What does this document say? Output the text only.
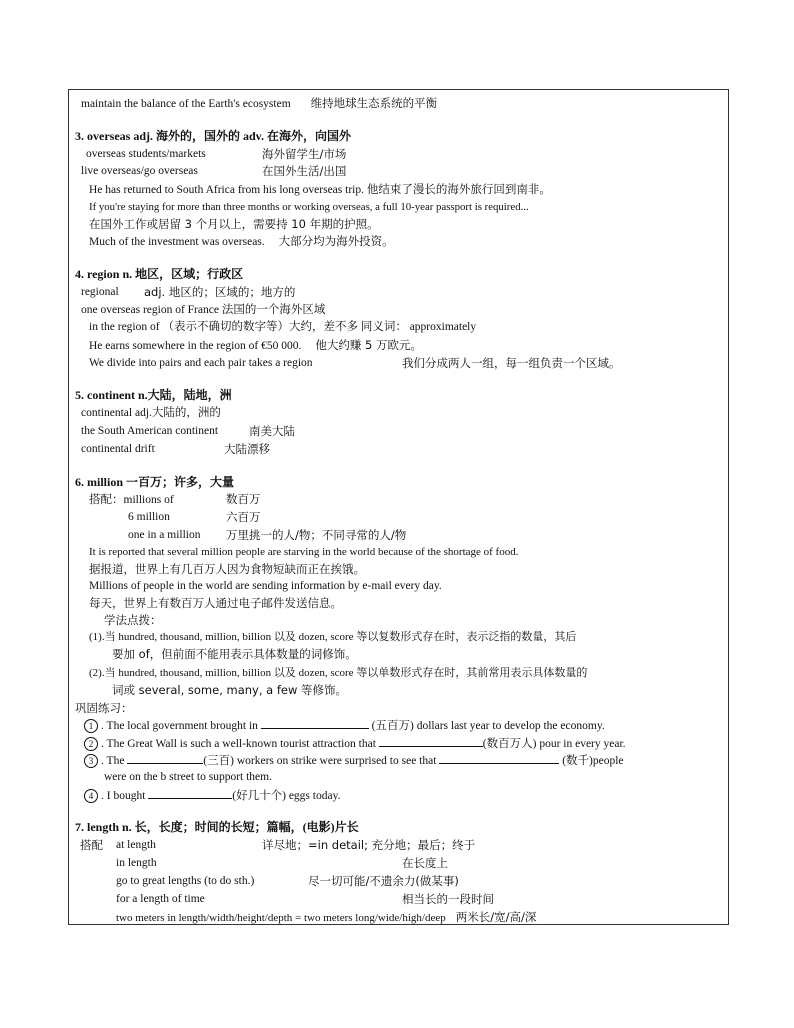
maintain the balance of the Earth's ecosystem 维持地球生态系统的平衡
3. overseas adj. 海外的，国外的 adv. 在海外，向国外
overseas students/markets	海外留学生/市场
live overseas/go overseas	在国外生活/出国
He has returned to South Africa from his long overseas trip. 他结束了漫长的海外旅行回到南非。
If you're staying for more than three months or working overseas, a full 10-year passport is required...
在国外工作或居留 3 个月以上，需要持 10 年期的护照。
Much of the investment was overseas. 大部分均为海外投资。
4. region n. 地区，区域；行政区
regional adj. 地区的；区域的；地方的
one overseas region of France 法国的一个海外区域
in the region of （表示不确切的数字等）大约，差不多 同义词： approximately
He earns somewhere in the region of €50 000. 他大约赚 5 万欧元。
We divide into pairs and each pair takes a region	我们分成两人一组，每一组负责一个区域。
5. continent n.大陆，陆地，洲
continental adj.大陆的，洲的
the South American continent	南美大陆
continental drift	大陆漂移
6. million 一百万；许多，大量
搭配：millions of	数百万
6 million	六百万
one in a million 万里挑一的人/物；不同寻常的人/物
It is reported that several million people are starving in the world because of the shortage of food.
据报道，世界上有几百万人因为食物短缺而正在挨饿。
Millions of people in the world are sending information by e-mail every day.
每天，世界上有数百万人通过电子邮件发送信息。
学法点拨：
(1).当 hundred, thousand, million, billion 以及 dozen, score 等以复数形式存在时，表示泛指的数量，其后
要加 of，但前面不能用表示具体数量的词修饰。
(2).当 hundred, thousand, million, billion 以及 dozen, score 等以单数形式存在时，其前常用表示具体数量的
词或 several, some, many, a few 等修饰。
巩固练习：
1 . The local government brought in	(五百万) dollars last year to develop the economy.
2 . The Great Wall is such a well-known tourist attraction that	(数百万人) pour in every year.
3 . The	(三百) workers on strike were surprised to see that	(数千)people
were on the b street to support them.
4 . I bought	(好几十个) eggs today.
7. length n. 长，长度；时间的长短；篇幅，(电影)片长
搭配 at length	详尽地；=in detail; 充分地；最后；终于
in length	在长度上
go to great lengths (to do sth.)	尽一切可能/不遗余力(做某事)
for a length of time	相当长的一段时间
two meters in length/width/height/depth = two meters long/wide/high/deep 两米长/宽/高/深
